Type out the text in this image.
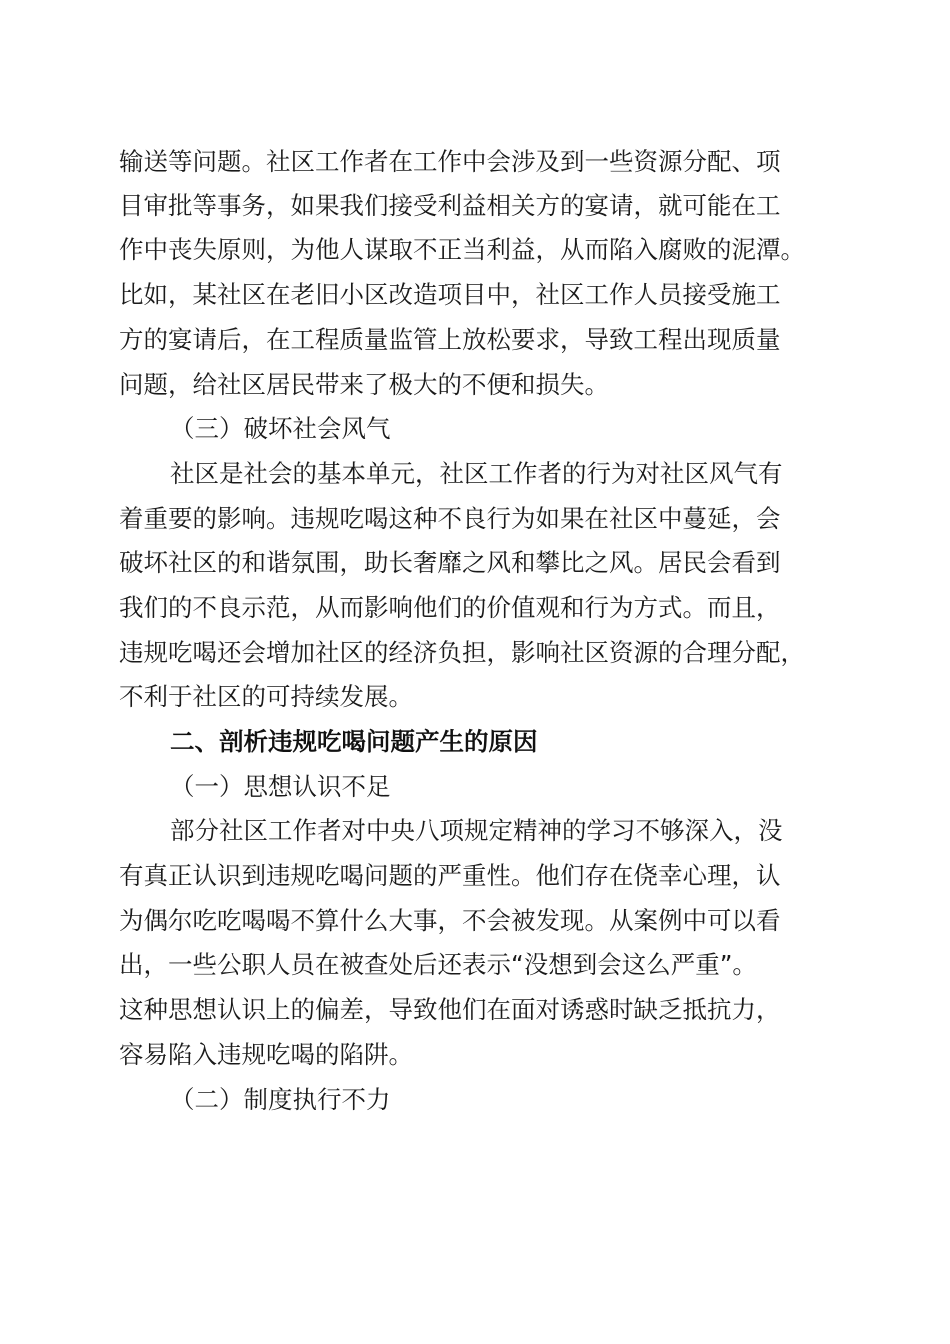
输送等问题。社区工作者在工作中会涉及到一些资源分配、项
目审批等事务，如果我们接受利益相关方的宴请，就可能在工
作中丧失原则，为他人谋取不正当利益，从而陷入腐败的泥潭。
比如，某社区在老旧小区改造项目中，社区工作人员接受施工
方的宴请后，在工程质量监管上放松要求，导致工程出现质量
问题，给社区居民带来了极大的不便和损失。
（三）破坏社会风气
社区是社会的基本单元，社区工作者的行为对社区风气有
着重要的影响。违规吃喝这种不良行为如果在社区中蔓延，会
破坏社区的和谐氛围，助长奢靡之风和攀比之风。居民会看到
我们的不良示范，从而影响他们的价值观和行为方式。而且，
违规吃喝还会增加社区的经济负担，影响社区资源的合理分配，
不利于社区的可持续发展。
二、剖析违规吃喝问题产生的原因
（一）思想认识不足
部分社区工作者对中央八项规定精神的学习不够深入，没
有真正认识到违规吃喝问题的严重性。他们存在侥幸心理，认
为偶尔吃吃喝喝不算什么大事，不会被发现。从案例中可以看
出，一些公职人员在被查处后还表示“没想到会这么严重”。
这种思想认识上的偏差，导致他们在面对诱惑时缺乏抵抗力，
容易陷入违规吃喝的陷阱。
（二）制度执行不力
